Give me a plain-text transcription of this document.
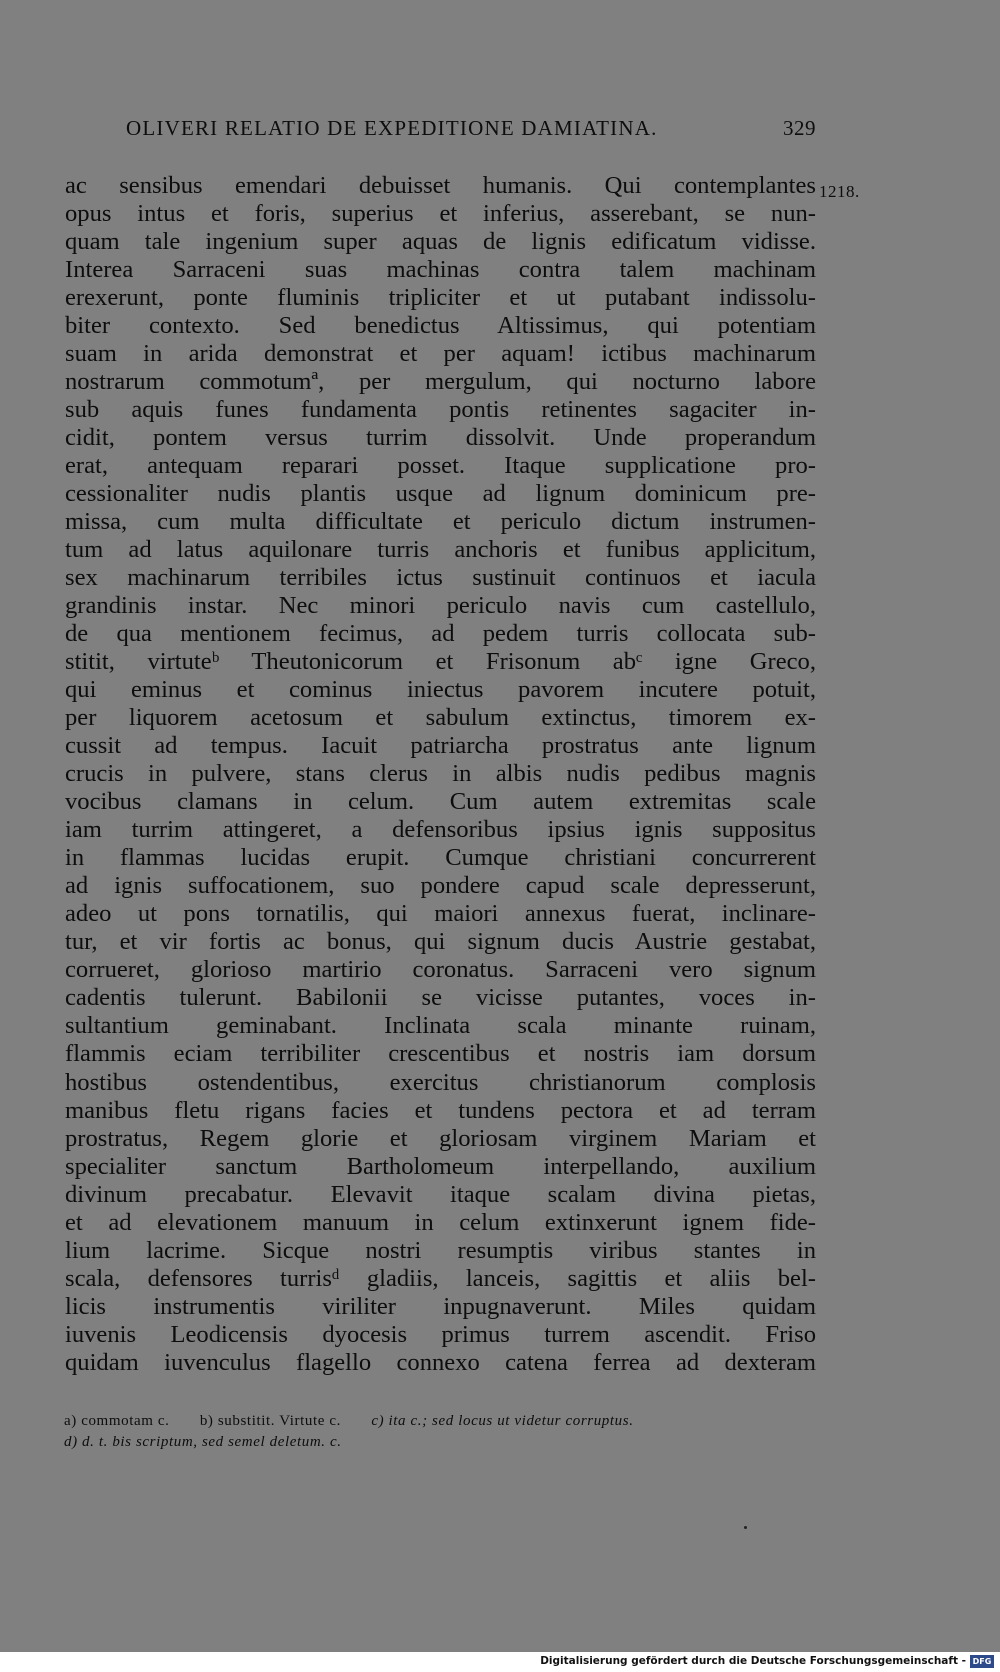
OLIVERI RELATIO DE EXPEDITIONE DAMIATINA.	329
1218.
ac sensibus emendari debuisset humanis. Qui contemplantes
opus intus et foris, superius et inferius, asserebant, se nun-
quam tale ingenium super aquas de lignis edificatum vidisse.
Interea Sarraceni suas machinas contra talem machinam
erexerunt, ponte fluminis tripliciter et ut putabant indissolu-
biter contexto. Sed benedictus Altissimus, qui potentiam
suam in arida demonstrat et per aquam! ictibus machinarum
nostrarum commotumª, per mergulum, qui nocturno labore
sub aquis funes fundamenta pontis retinentes sagaciter in-
cidit, pontem versus turrim dissolvit. Unde properandum
erat, antequam reparari posset. Itaque supplicatione pro-
cessionaliter nudis plantis usque ad lignum dominicum pre-
missa, cum multa difficultate et periculo dictum instrumen-
tum ad latus aquilonare turris anchoris et funibus applicitum,
sex machinarum terribiles ictus sustinuit continuos et iacula
grandinis instar. Nec minori periculo navis cum castellulo,
de qua mentionem fecimus, ad pedem turris collocata sub-
stitit, virtuteᵇ Theutonicorum et Frisonum abᶜ igne Greco,
qui eminus et cominus iniectus pavorem incutere potuit,
per liquorem acetosum et sabulum extinctus, timorem ex-
cussit ad tempus. Iacuit patriarcha prostratus ante lignum
crucis in pulvere, stans clerus in albis nudis pedibus magnis
vocibus clamans in celum. Cum autem extremitas scale
iam turrim attingeret, a defensoribus ipsius ignis suppositus
in flammas lucidas erupit. Cumque christiani concurrerent
ad ignis suffocationem, suo pondere capud scale depresserunt,
adeo ut pons tornatilis, qui maiori annexus fuerat, inclinare-
tur, et vir fortis ac bonus, qui signum ducis Austrie gestabat,
corrueret, glorioso martirio coronatus. Sarraceni vero signum
cadentis tulerunt. Babilonii se vicisse putantes, voces in-
sultantium geminabant. Inclinata scala minante ruinam,
flammis eciam terribiliter crescentibus et nostris iam dorsum
hostibus ostendentibus, exercitus christianorum complosis
manibus fletu rigans facies et tundens pectora et ad terram
prostratus, Regem glorie et gloriosam virginem Mariam et
specialiter sanctum Bartholomeum interpellando, auxilium
divinum precabatur. Elevavit itaque scalam divina pietas,
et ad elevationem manuum in celum extinxerunt ignem fide-
lium lacrime. Sicque nostri resumptis viribus stantes in
scala, defensores turrisᵈ gladiis, lanceis, sagittis et aliis bel-
licis instrumentis viriliter inpugnaverunt. Miles quidam
iuvenis Leodicensis dyocesis primus turrem ascendit. Friso
quidam iuvenculus flagello connexo catena ferrea ad dexteram
a) commotam c. b) substitit. Virtute c. c) ita c.; sed locus ut videtur corruptus.
d) d. t. bis scriptum, sed semel deletum. c.
Digitalisierung gefördert durch die Deutsche Forschungsgemeinschaft - DFG
